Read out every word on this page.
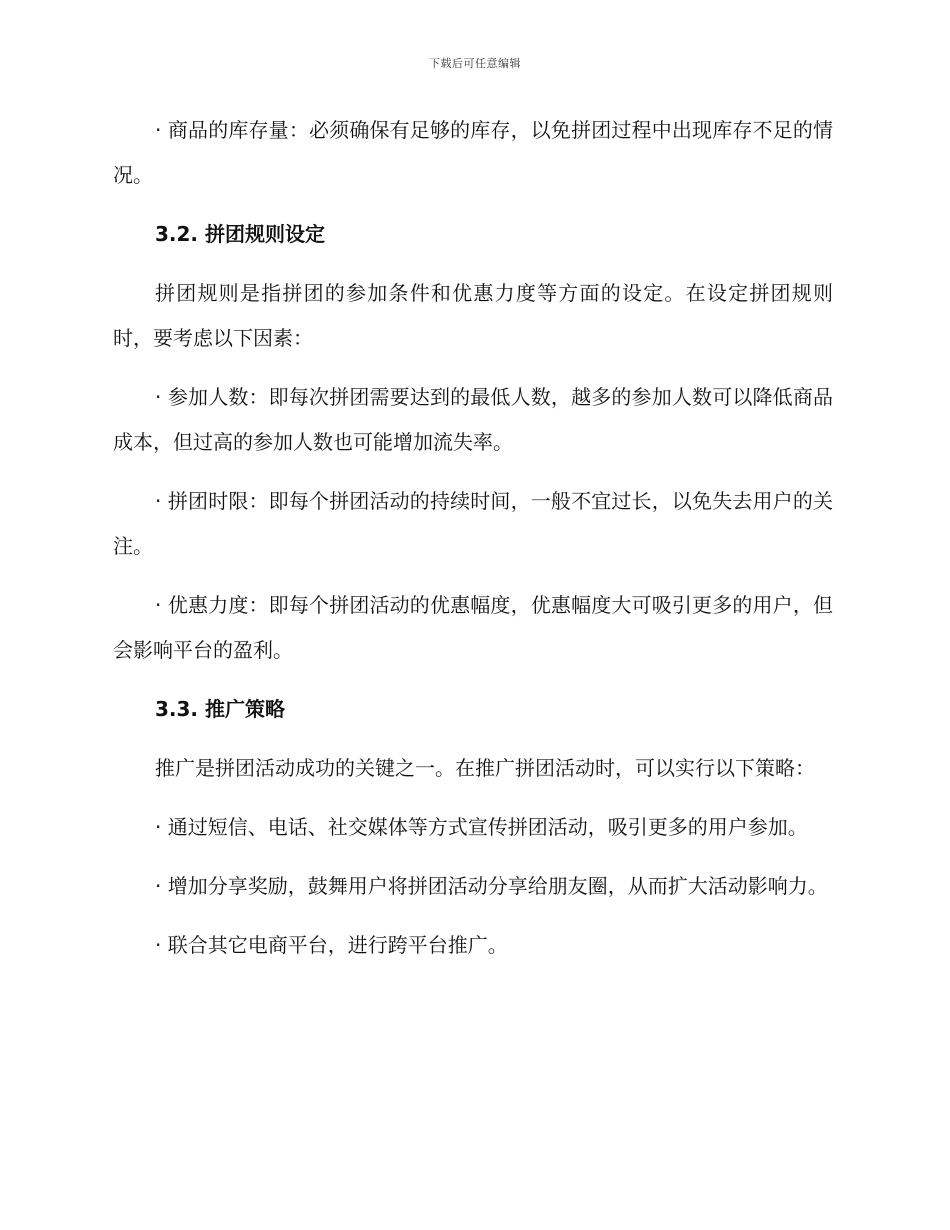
下载后可任意编辑

· 商品的库存量：必须确保有足够的库存，以免拼团过程中出现库存不足的情况。

3.2. 拼团规则设定

拼团规则是指拼团的参加条件和优惠力度等方面的设定。在设定拼团规则时，要考虑以下因素：

· 参加人数：即每次拼团需要达到的最低人数，越多的参加人数可以降低商品成本，但过高的参加人数也可能增加流失率。

· 拼团时限：即每个拼团活动的持续时间，一般不宜过长，以免失去用户的关注。

· 优惠力度：即每个拼团活动的优惠幅度，优惠幅度大可吸引更多的用户，但会影响平台的盈利。

3.3. 推广策略

推广是拼团活动成功的关键之一。在推广拼团活动时，可以实行以下策略：

· 通过短信、电话、社交媒体等方式宣传拼团活动，吸引更多的用户参加。

· 增加分享奖励，鼓舞用户将拼团活动分享给朋友圈，从而扩大活动影响力。

· 联合其它电商平台，进行跨平台推广。
